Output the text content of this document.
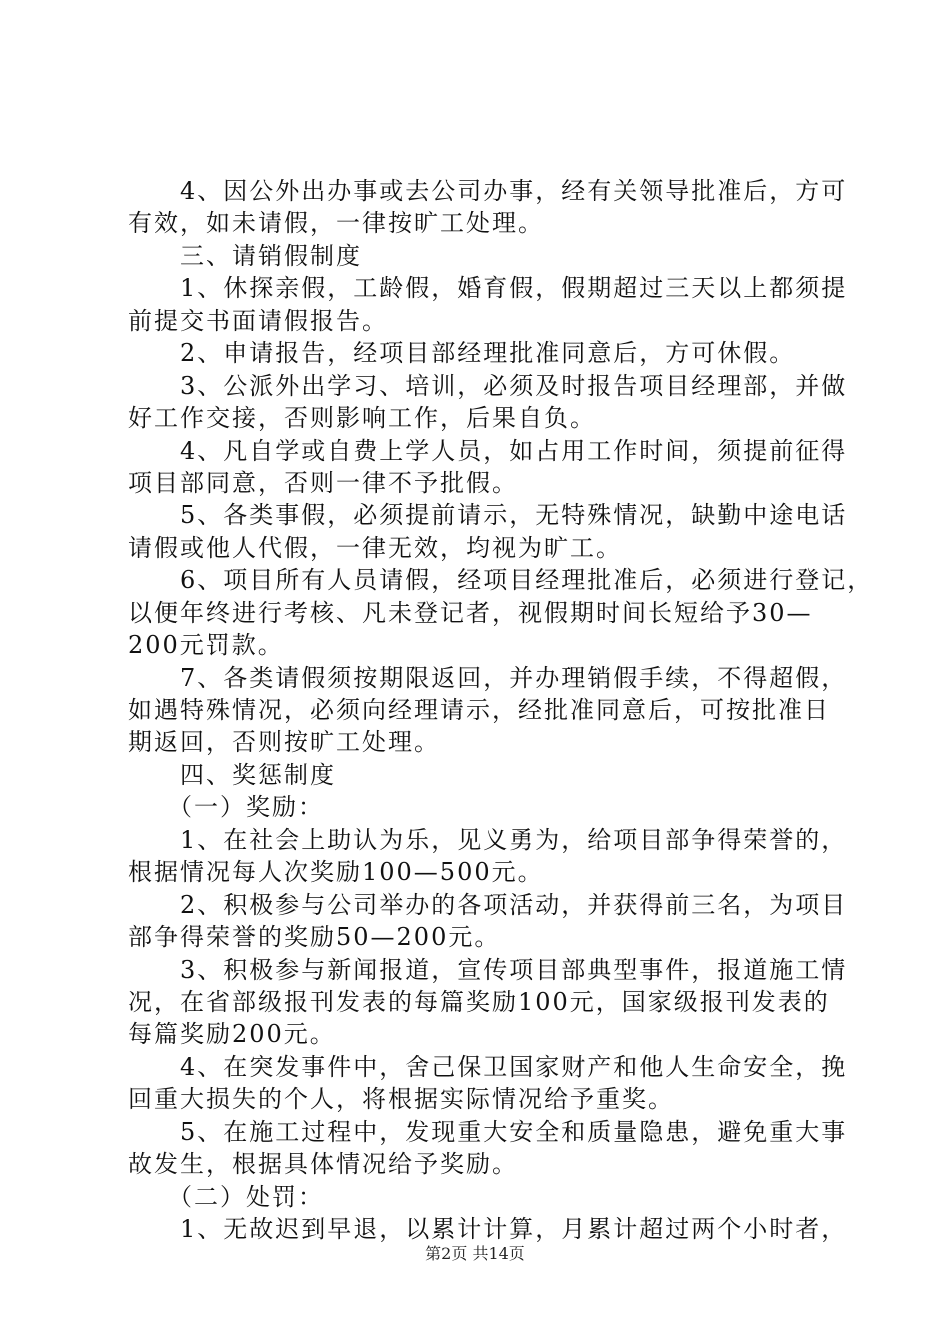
　　4、因公外出办事或去公司办事，经有关领导批准后，方可
有效，如未请假，一律按旷工处理。
　　三、请销假制度
　　1、休探亲假，工龄假，婚育假，假期超过三天以上都须提
前提交书面请假报告。
　　2、申请报告，经项目部经理批准同意后，方可休假。
　　3、公派外出学习、培训，必须及时报告项目经理部，并做
好工作交接，否则影响工作，后果自负。
　　4、凡自学或自费上学人员，如占用工作时间，须提前征得
项目部同意，否则一律不予批假。
　　5、各类事假，必须提前请示，无特殊情况，缺勤中途电话
请假或他人代假，一律无效，均视为旷工。
　　6、项目所有人员请假，经项目经理批准后，必须进行登记，
以便年终进行考核、凡未登记者，视假期时间长短给予30—
200元罚款。
　　7、各类请假须按期限返回，并办理销假手续，不得超假，
如遇特殊情况，必须向经理请示，经批准同意后，可按批准日
期返回，否则按旷工处理。
　　四、奖惩制度
　　（一）奖励：
　　1、在社会上助认为乐，见义勇为，给项目部争得荣誉的，
根据情况每人次奖励100—500元。
　　2、积极参与公司举办的各项活动，并获得前三名，为项目
部争得荣誉的奖励50—200元。
　　3、积极参与新闻报道，宣传项目部典型事件，报道施工情
况，在省部级报刊发表的每篇奖励100元，国家级报刊发表的
每篇奖励200元。
　　4、在突发事件中，舍己保卫国家财产和他人生命安全，挽
回重大损失的个人，将根据实际情况给予重奖。
　　5、在施工过程中，发现重大安全和质量隐患，避免重大事
故发生，根据具体情况给予奖励。
　　（二）处罚：
　　1、无故迟到早退，以累计计算，月累计超过两个小时者，
第2页 共14页
